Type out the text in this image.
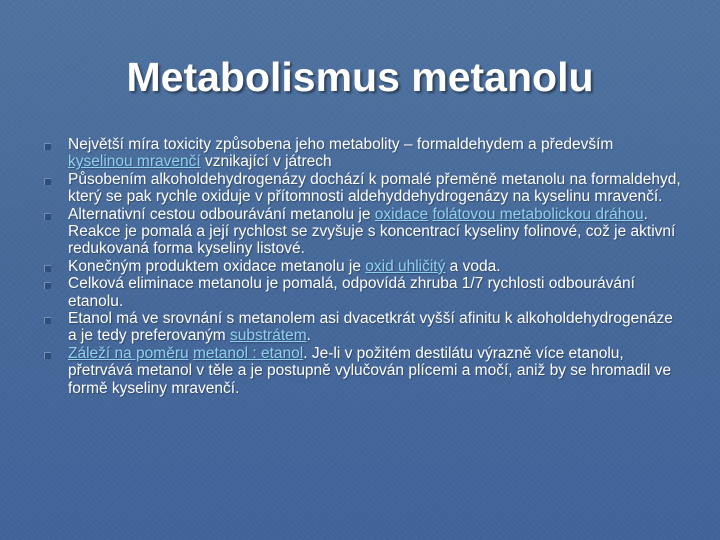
Metabolismus metanolu
Největší míra toxicity způsobena jeho metabolity – formaldehydem a především kyselinou mravenčí vznikající v játrech
Působením alkoholdehydrogenázy dochází k pomalé přeměně metanolu na formaldehyd, který se pak rychle oxiduje v přítomnosti aldehyddehydrogenázy na kyselinu mravenčí.
Alternativní cestou odbourávání metanolu je oxidace folátovou metabolickou dráhou. Reakce je pomalá a její rychlost se zvyšuje s koncentrací kyseliny folinové, což je aktivní redukovaná forma kyseliny listové.
Konečným produktem oxidace metanolu je oxid uhličitý a voda.
Celková eliminace metanolu je pomalá, odpovídá zhruba 1/7 rychlosti odbourávání etanolu.
Etanol má ve srovnání s metanolem asi dvacetkrát vyšší afinitu k alkoholdehydrogenáze a je tedy preferovaným substrátem.
Záleží na poměru metanol : etanol. Je-li v požitém destilátu výrazně více etanolu, přetrvává metanol v těle a je postupně vylučován plícemi a močí, aniž by se hromadil ve formě kyseliny mravenčí.
